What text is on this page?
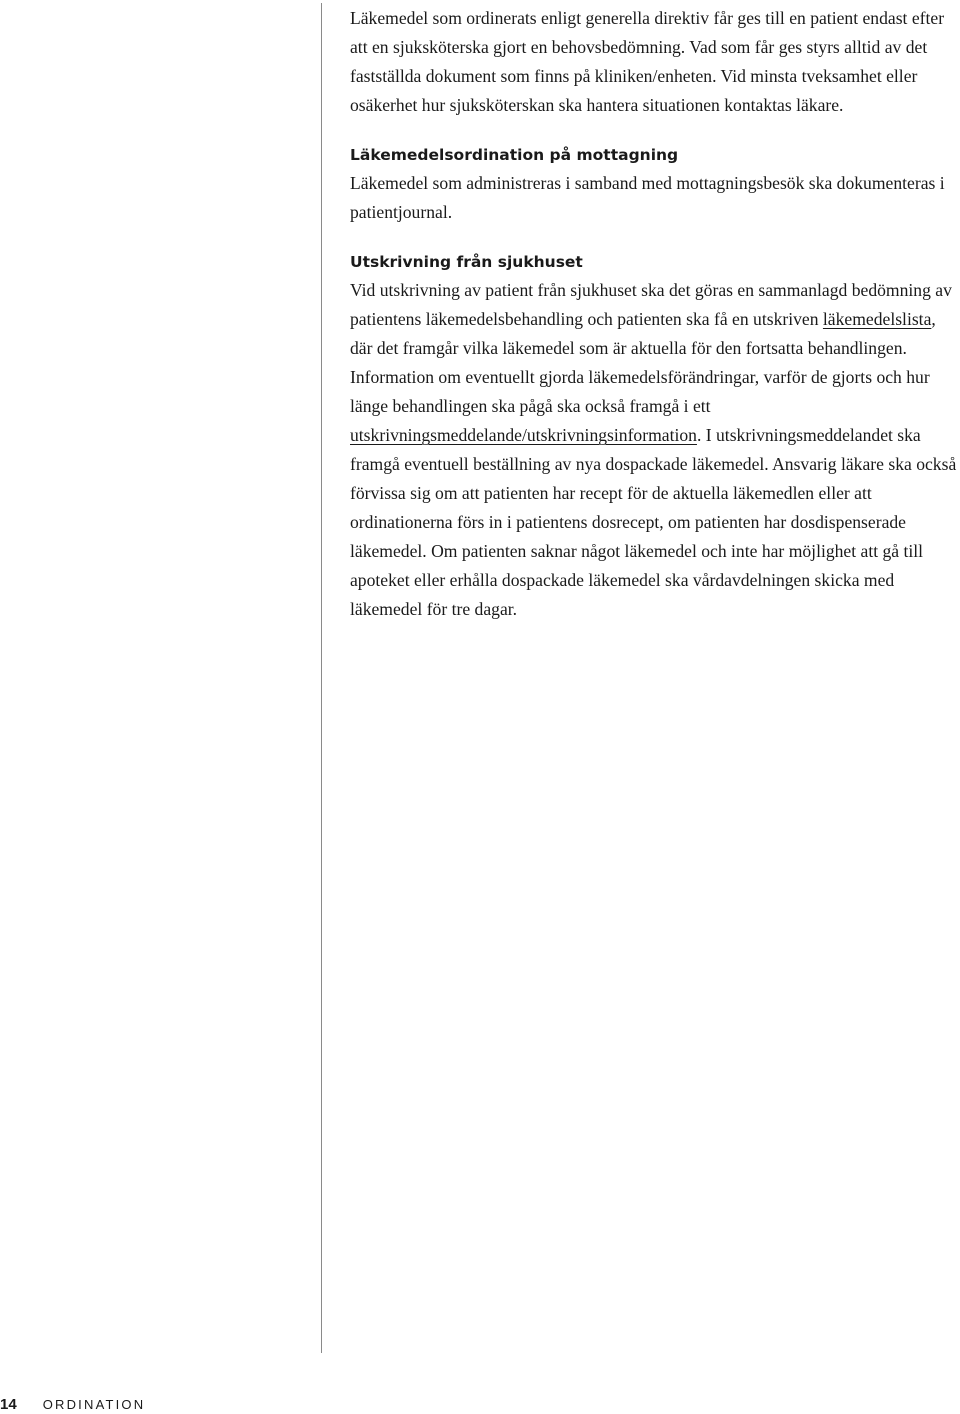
Läkemedel som ordinerats enligt generella direktiv får ges till en patient endast efter att en sjuksköterska gjort en behovsbedömning. Vad som får ges styrs alltid av det fastställda dokument som finns på kliniken/enheten. Vid minsta tveksamhet eller osäkerhet hur sjuksköterskan ska hantera situationen kontaktas läkare.

Läkemedelsordination på mottagning

Läkemedel som administreras i samband med mottagningsbesök ska dokumenteras i patientjournal.

Utskrivning från sjukhuset

Vid utskrivning av patient från sjukhuset ska det göras en sammanlagd bedömning av patientens läkemedelsbehandling och patienten ska få en utskriven läkemedelslista, där det framgår vilka läkemedel som är aktuella för den fortsatta behandlingen. Information om eventuellt gjorda läkemedelsförändringar, varför de gjorts och hur länge behandlingen ska pågå ska också framgå i ett utskrivningsmeddelande/utskrivningsinformation. I utskrivningsmeddelandet ska framgå eventuell beställning av nya dospackade läkemedel. Ansvarig läkare ska också förvissa sig om att patienten har recept för de aktuella läkemedlen eller att ordinationerna förs in i patientens dosrecept, om patienten har dosdispenserade läkemedel. Om patienten saknar något läkemedel och inte har möjlighet att gå till apoteket eller erhålla dospackade läkemedel ska vårdavdelningen skicka med läkemedel för tre dagar.

14 ORDINATION
